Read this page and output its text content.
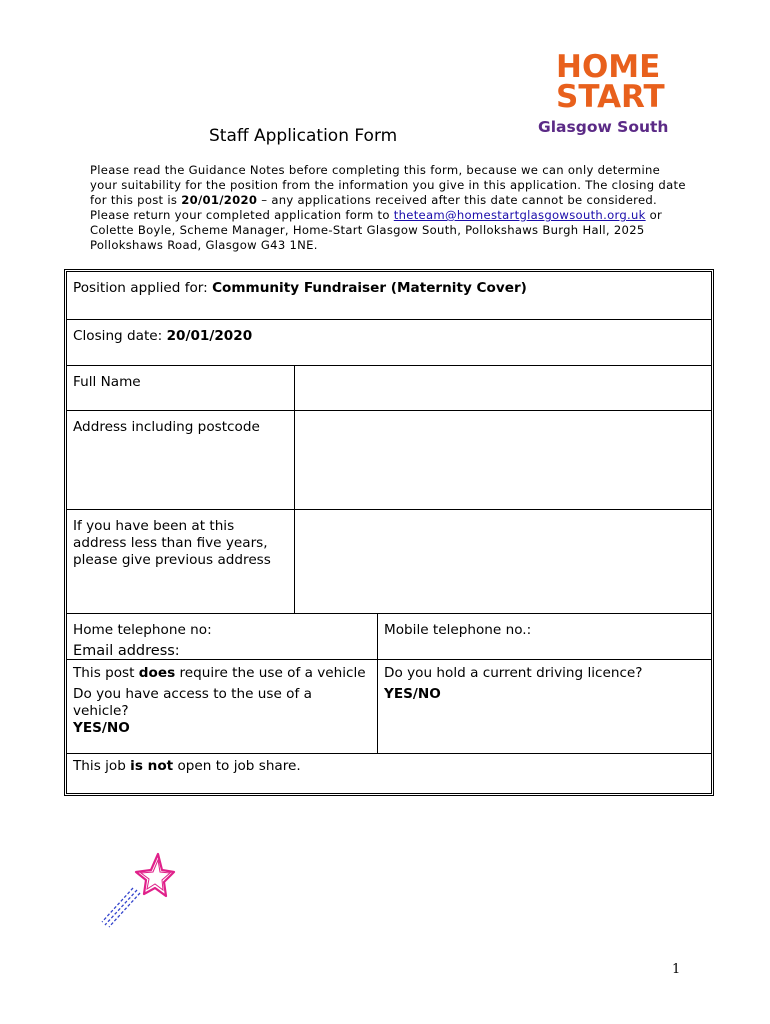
HOME
START
Glasgow South
Staff Application Form
Please read the Guidance Notes before completing this form, because we can only determine your suitability for the position from the information you give in this application. The closing date for this post is 20/01/2020 – any applications received after this date cannot be considered. Please return your completed application form to theteam@homestartglasgowsouth.org.uk or Colette Boyle, Scheme Manager, Home-Start Glasgow South, Pollokshaws Burgh Hall, 2025 Pollokshaws Road, Glasgow G43 1NE.
Position applied for: Community Fundraiser (Maternity Cover)
Closing date: 20/01/2020
Full Name
Address including postcode
If you have been at this address less than five years, please give previous address
Home telephone no:
Email address:
Mobile telephone no.:
This post does require the use of a vehicle
Do you have access to the use of a vehicle?
YES/NO
Do you hold a current driving licence?
YES/NO
This job is not open to job share.
1
